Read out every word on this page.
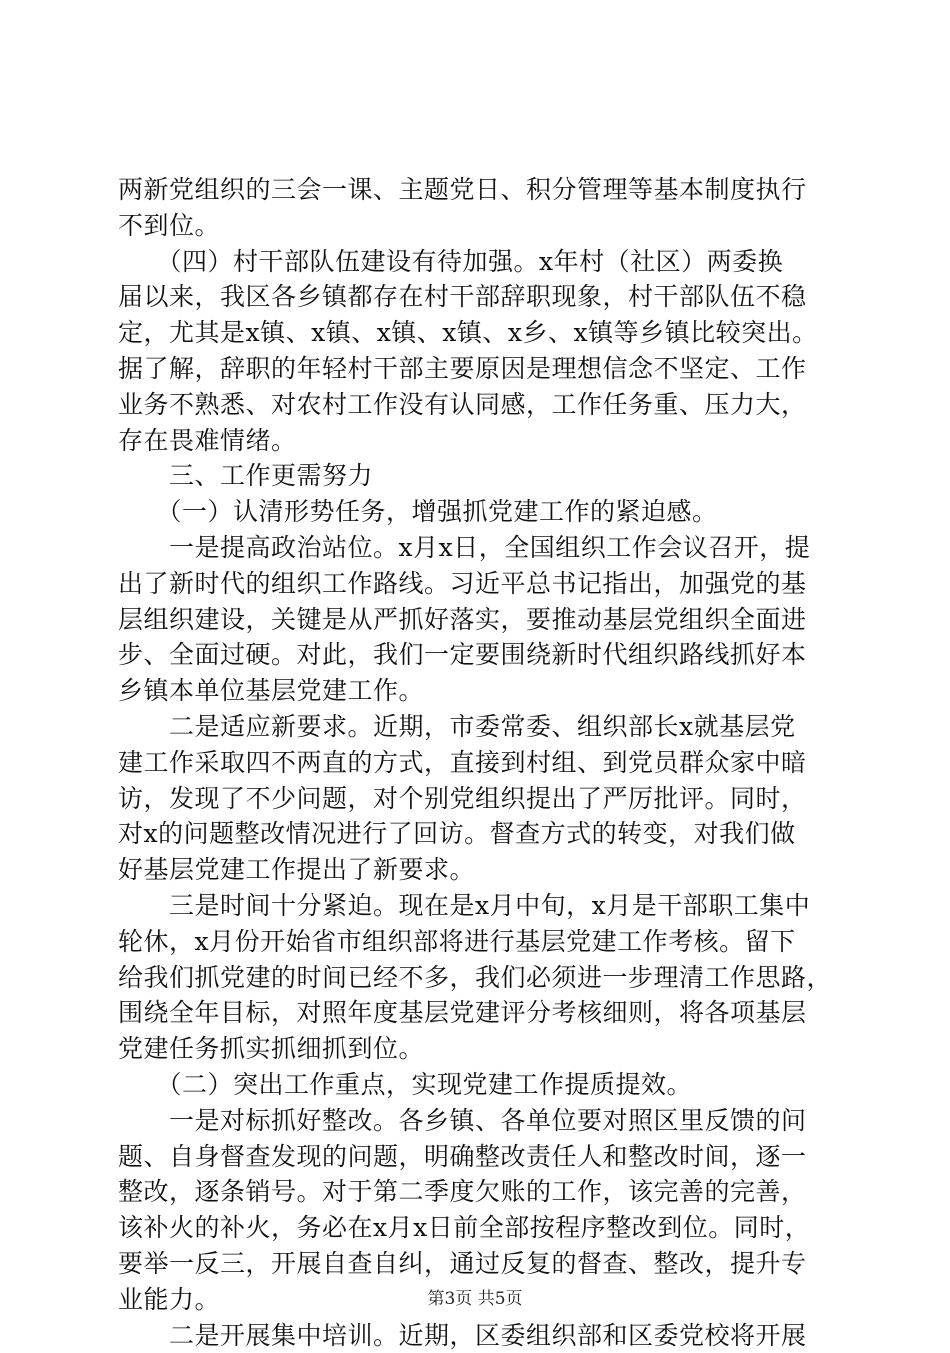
两新党组织的三会一课、主题党日、积分管理等基本制度执行
不到位。
　　（四）村干部队伍建设有待加强。x年村（社区）两委换
届以来，我区各乡镇都存在村干部辞职现象，村干部队伍不稳
定，尤其是x镇、x镇、x镇、x镇、x乡、x镇等乡镇比较突出。
据了解，辞职的年轻村干部主要原因是理想信念不坚定、工作
业务不熟悉、对农村工作没有认同感，工作任务重、压力大，
存在畏难情绪。
　　三、工作更需努力
　　（一）认清形势任务，增强抓党建工作的紧迫感。
　　一是提高政治站位。x月x日，全国组织工作会议召开，提
出了新时代的组织工作路线。习近平总书记指出，加强党的基
层组织建设，关键是从严抓好落实，要推动基层党组织全面进
步、全面过硬。对此，我们一定要围绕新时代组织路线抓好本
乡镇本单位基层党建工作。
　　二是适应新要求。近期，市委常委、组织部长x就基层党
建工作采取四不两直的方式，直接到村组、到党员群众家中暗
访，发现了不少问题，对个别党组织提出了严厉批评。同时，
对x的问题整改情况进行了回访。督查方式的转变，对我们做
好基层党建工作提出了新要求。
　　三是时间十分紧迫。现在是x月中旬，x月是干部职工集中
轮休，x月份开始省市组织部将进行基层党建工作考核。留下
给我们抓党建的时间已经不多，我们必须进一步理清工作思路，
围绕全年目标，对照年度基层党建评分考核细则，将各项基层
党建任务抓实抓细抓到位。
　　（二）突出工作重点，实现党建工作提质提效。
　　一是对标抓好整改。各乡镇、各单位要对照区里反馈的问
题、自身督查发现的问题，明确整改责任人和整改时间，逐一
整改，逐条销号。对于第二季度欠账的工作，该完善的完善，
该补火的补火，务必在x月x日前全部按程序整改到位。同时，
要举一反三，开展自查自纠，通过反复的督查、整改，提升专
业能力。
　　二是开展集中培训。近期，区委组织部和区委党校将开展
第3页 共5页
